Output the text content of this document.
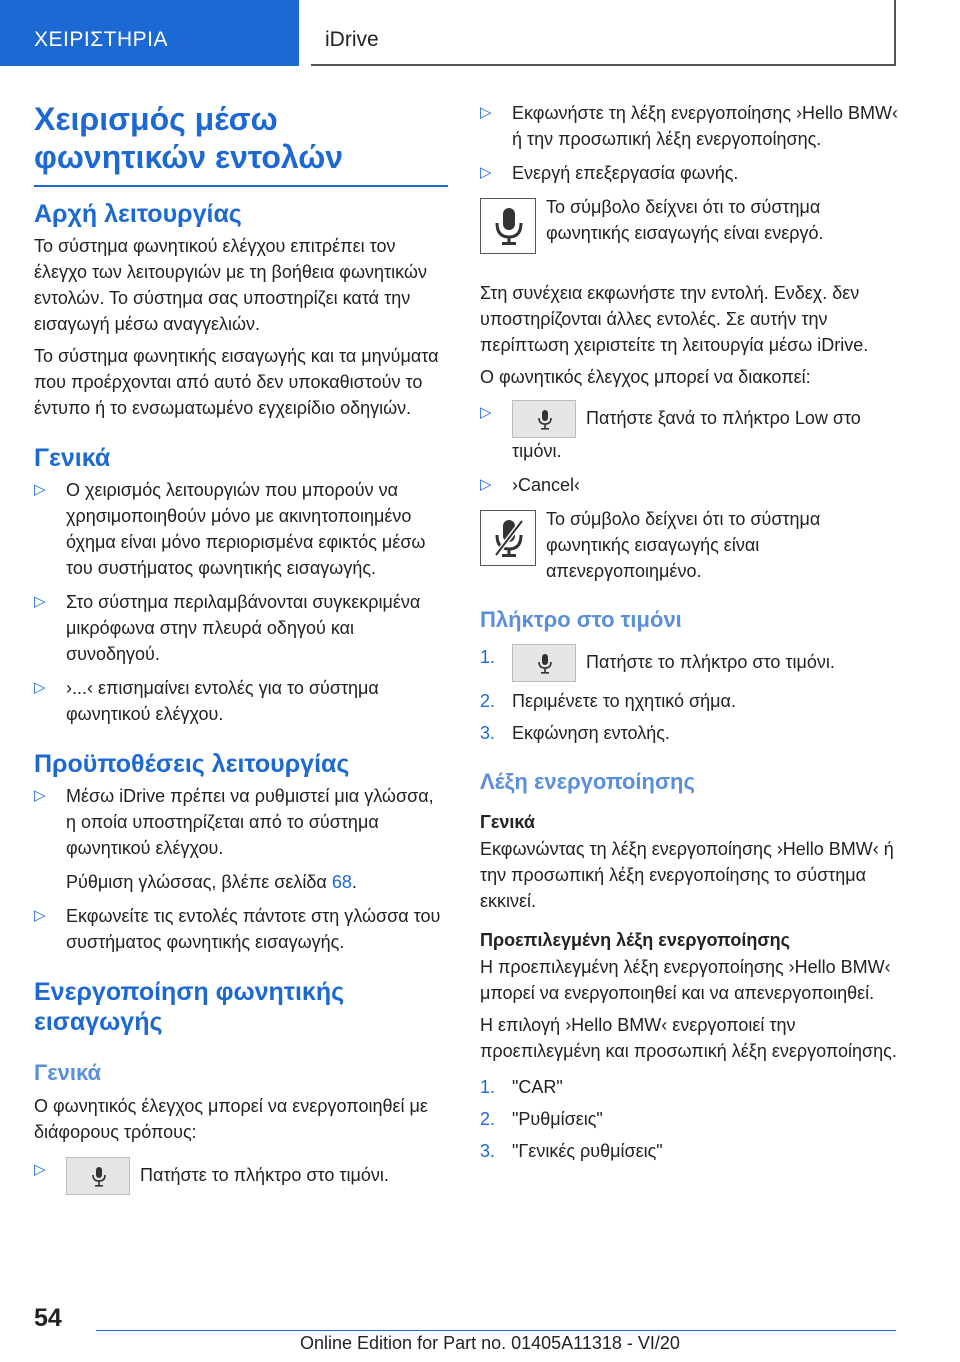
ΧΕΙΡΙΣΤΗΡΙΑ	iDrive
Χειρισμός μέσω φωνητικών εντολών
Αρχή λειτουργίας

Το σύστημα φωνητικού ελέγχου επιτρέπει τον έλεγχο των λειτουργιών με τη βοήθεια φωνητικών εντολών. Το σύστημα σας υποστηρίζει κατά την εισαγωγή μέσω αναγγελιών.

Το σύστημα φωνητικής εισαγωγής και τα μηνύματα που προέρχονται από αυτό δεν υποκαθιστούν το έντυπο ή το ενσωματωμένο εγχειρίδιο οδηγιών.

Γενικά
▷ Ο χειρισμός λειτουργιών που μπορούν να χρησιμοποιηθούν μόνο με ακινητοποιημένο όχημα είναι μόνο περιορισμένα εφικτός μέσω του συστήματος φωνητικής εισαγωγής.
▷ Στο σύστημα περιλαμβάνονται συγκεκριμένα μικρόφωνα στην πλευρά οδηγού και συνοδηγού.
▷ ›...‹ επισημαίνει εντολές για το σύστημα φωνητικού ελέγχου.
Προϋποθέσεις λειτουργίας
▷ Μέσω iDrive πρέπει να ρυθμιστεί μια γλώσσα, η οποία υποστηρίζεται από το σύστημα φωνητικού ελέγχου.
Ρύθμιση γλώσσας, βλέπε σελίδα 68.
▷ Εκφωνείτε τις εντολές πάντοτε στη γλώσσα του συστήματος φωνητικής εισαγωγής.
Ενεργοποίηση φωνητικής εισαγωγής
Γενικά

Ο φωνητικός έλεγχος μπορεί να ενεργοποιηθεί με διάφορους τρόπους:

▷ Πατήστε το πλήκτρο στο τιμόνι.
▷ Εκφωνήστε τη λέξη ενεργοποίησης ›Hello BMW‹ ή την προσωπική λέξη ενεργοποίησης.
▷ Ενεργή επεξεργασία φωνής.
Το σύμβολο δείχνει ότι το σύστημα φωνητικής εισαγωγής είναι ενεργό.

Στη συνέχεια εκφωνήστε την εντολή. Ενδεχ. δεν υποστηρίζονται άλλες εντολές. Σε αυτήν την περίπτωση χειριστείτε τη λειτουργία μέσω iDrive.

Ο φωνητικός έλεγχος μπορεί να διακοπεί:

▷ Πατήστε ξανά το πλήκτρο Low στο τιμόνι.
▷ ›Cancel‹
Το σύμβολο δείχνει ότι το σύστημα φωνητικής εισαγωγής είναι απενεργοποιημένο.
Πλήκτρο στο τιμόνι
1.	Πατήστε το πλήκτρο στο τιμόνι.
2. Περιμένετε το ηχητικό σήμα.
3. Εκφώνηση εντολής.
Λέξη ενεργοποίησης
Γενικά

Εκφωνώντας τη λέξη ενεργοποίησης ›Hello BMW‹ ή την προσωπική λέξη ενεργοποίησης το σύστημα εκκινεί.

Προεπιλεγμένη λέξη ενεργοποίησης

Η προεπιλεγμένη λέξη ενεργοποίησης ›Hello BMW‹ μπορεί να ενεργοποιηθεί και να απενεργοποιηθεί.

Η επιλογή ›Hello BMW‹ ενεργοποιεί την προεπιλεγμένη και προσωπική λέξη ενεργοποίησης.

1. "CAR"
2. "Ρυθμίσεις"
3. "Γενικές ρυθμίσεις"
54
Online Edition for Part no. 01405A11318 - VI/20
